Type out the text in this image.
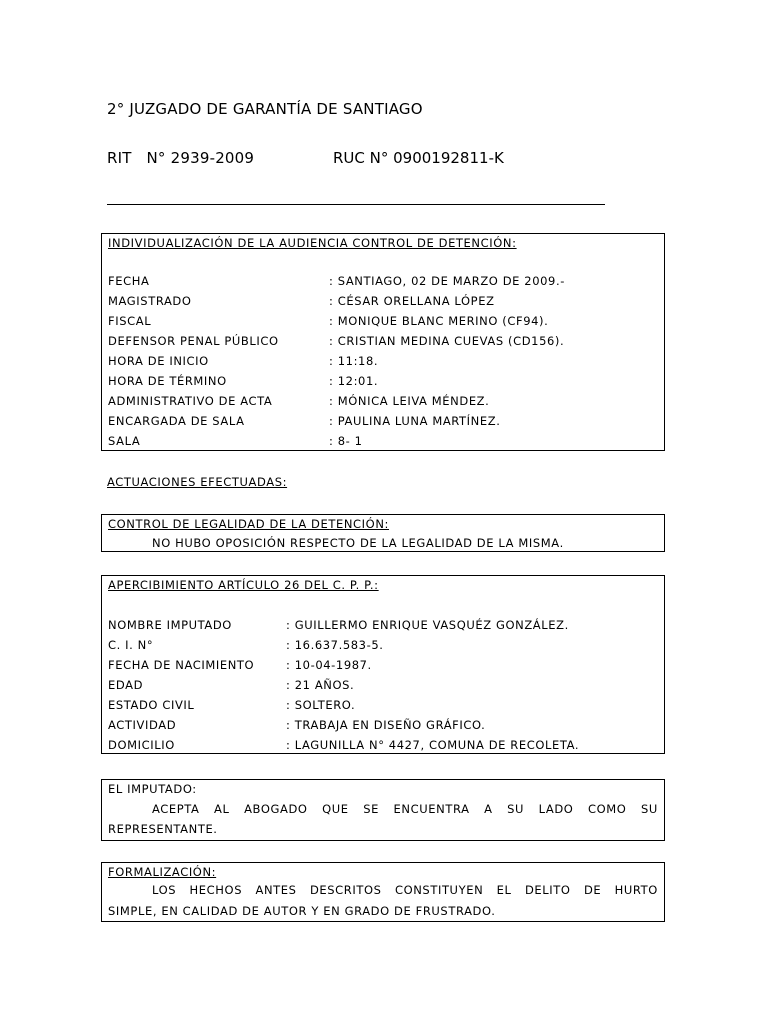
2° JUZGADO DE GARANTÍA DE SANTIAGO
RIT   N° 2939-2009	RUC N° 0900192811-K
INDIVIDUALIZACIÓN DE LA AUDIENCIA CONTROL DE DETENCIÓN:
FECHA	: SANTIAGO, 02 DE MARZO DE 2009.-
MAGISTRADO	: CÉSAR ORELLANA LÓPEZ
FISCAL	: MONIQUE BLANC MERINO (CF94).
DEFENSOR PENAL PÚBLICO	: CRISTIAN MEDINA CUEVAS (CD156).
HORA DE INICIO	: 11:18.
HORA DE TÉRMINO	: 12:01.
ADMINISTRATIVO DE ACTA	: MÓNICA LEIVA MÉNDEZ.
ENCARGADA DE SALA	: PAULINA LUNA MARTÍNEZ.
SALA	: 8- 1
ACTUACIONES EFECTUADAS:
CONTROL DE LEGALIDAD DE LA DETENCIÓN:
NO HUBO OPOSICIÓN RESPECTO DE LA LEGALIDAD DE LA MISMA.
APERCIBIMIENTO ARTÍCULO 26 DEL C. P. P.:
NOMBRE IMPUTADO	: GUILLERMO ENRIQUE VASQUÉZ GONZÁLEZ.
C. I. N°	: 16.637.583-5.
FECHA DE NACIMIENTO	: 10-04-1987.
EDAD	: 21 AÑOS.
ESTADO CIVIL	: SOLTERO.
ACTIVIDAD	: TRABAJA EN DISEÑO GRÁFICO.
DOMICILIO	: LAGUNILLA N° 4427, COMUNA DE RECOLETA.
EL IMPUTADO:
ACEPTA AL ABOGADO QUE SE ENCUENTRA A SU LADO COMO SU
REPRESENTANTE.
FORMALIZACIÓN:
LOS HECHOS ANTES DESCRITOS CONSTITUYEN EL DELITO DE HURTO
SIMPLE, EN CALIDAD DE AUTOR Y EN GRADO DE FRUSTRADO.
